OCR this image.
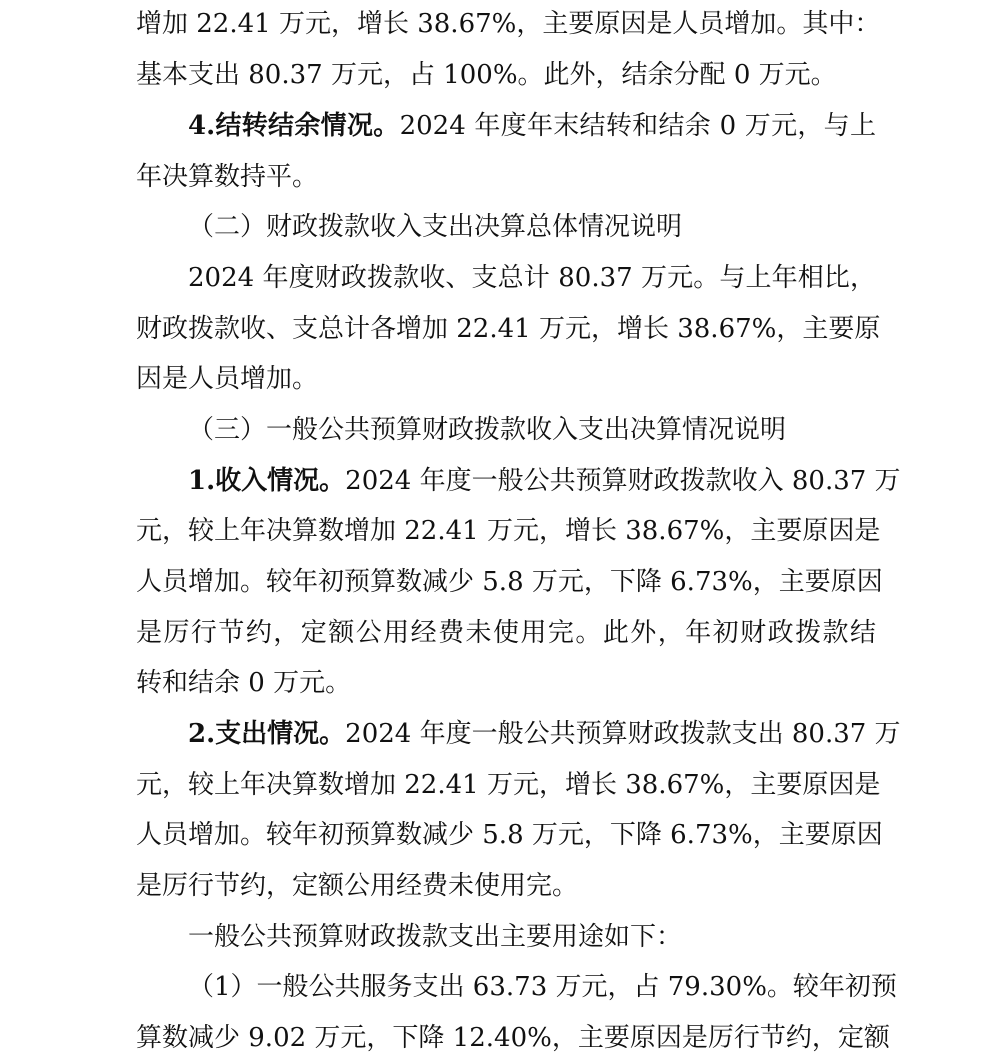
增加 22.41 万元，增长 38.67%，主要原因是人员增加。其中：
基本支出 80.37 万元，占 100%。此外，结余分配 0 万元。
4.结转结余情况。2024 年度年末结转和结余 0 万元，与上
年决算数持平。
（二）财政拨款收入支出决算总体情况说明
2024 年度财政拨款收、支总计 80.37 万元。与上年相比，
财政拨款收、支总计各增加 22.41 万元，增长 38.67%，主要原
因是人员增加。
（三）一般公共预算财政拨款收入支出决算情况说明
1.收入情况。2024 年度一般公共预算财政拨款收入 80.37 万
元，较上年决算数增加 22.41 万元，增长 38.67%，主要原因是
人员增加。较年初预算数减少 5.8 万元，下降 6.73%，主要原因
是厉行节约，定额公用经费未使用完。此外，年初财政拨款结
转和结余 0 万元。
2.支出情况。2024 年度一般公共预算财政拨款支出 80.37 万
元，较上年决算数增加 22.41 万元，增长 38.67%，主要原因是
人员增加。较年初预算数减少 5.8 万元，下降 6.73%，主要原因
是厉行节约，定额公用经费未使用完。
一般公共预算财政拨款支出主要用途如下：
（1）一般公共服务支出 63.73 万元，占 79.30%。较年初预
算数减少 9.02 万元，下降 12.40%，主要原因是厉行节约，定额
